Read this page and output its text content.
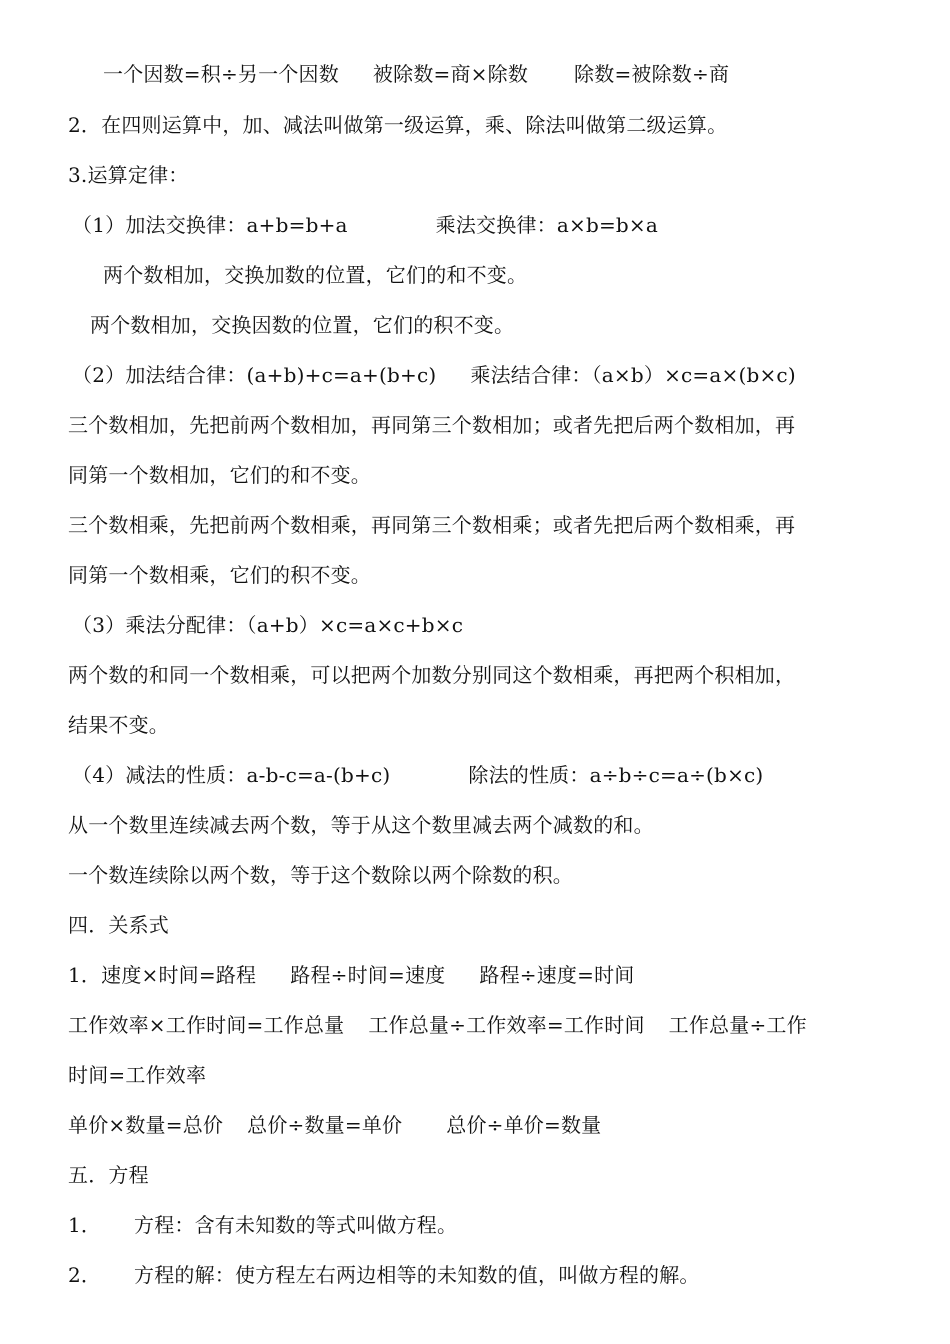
一个因数=积÷另一个因数 被除数=商×除数 除数=被除数÷商
2．在四则运算中，加、减法叫做第一级运算，乘、除法叫做第二级运算。
3.运算定律：
（1）加法交换律：a+b=b+a	乘法交换律：a×b=b×a
两个数相加，交换加数的位置，它们的和不变。
两个数相加，交换因数的位置，它们的积不变。
（2）加法结合律：(a+b)+c=a+(b+c) 乘法结合律：（a×b）×c=a×(b×c)
三个数相加，先把前两个数相加，再同第三个数相加；或者先把后两个数相加，再
同第一个数相加，它们的和不变。
三个数相乘，先把前两个数相乘，再同第三个数相乘；或者先把后两个数相乘，再
同第一个数相乘，它们的积不变。
（3）乘法分配律：（a+b）×c=a×c+b×c
两个数的和同一个数相乘，可以把两个加数分别同这个数相乘，再把两个积相加，
结果不变。
（4）减法的性质：a-b-c=a-(b+c)	除法的性质：a÷b÷c=a÷(b×c)
从一个数里连续减去两个数，等于从这个数里减去两个减数的和。
一个数连续除以两个数，等于这个数除以两个除数的积。
四．关系式
1．速度×时间=路程 路程÷时间=速度 路程÷速度=时间
工作效率×工作时间=工作总量 工作总量÷工作效率=工作时间 工作总量÷工作
时间=工作效率
单价×数量=总价 总价÷数量=单价 总价÷单价=数量
五．方程
1． 方程：含有未知数的等式叫做方程。
2． 方程的解：使方程左右两边相等的未知数的值，叫做方程的解。
